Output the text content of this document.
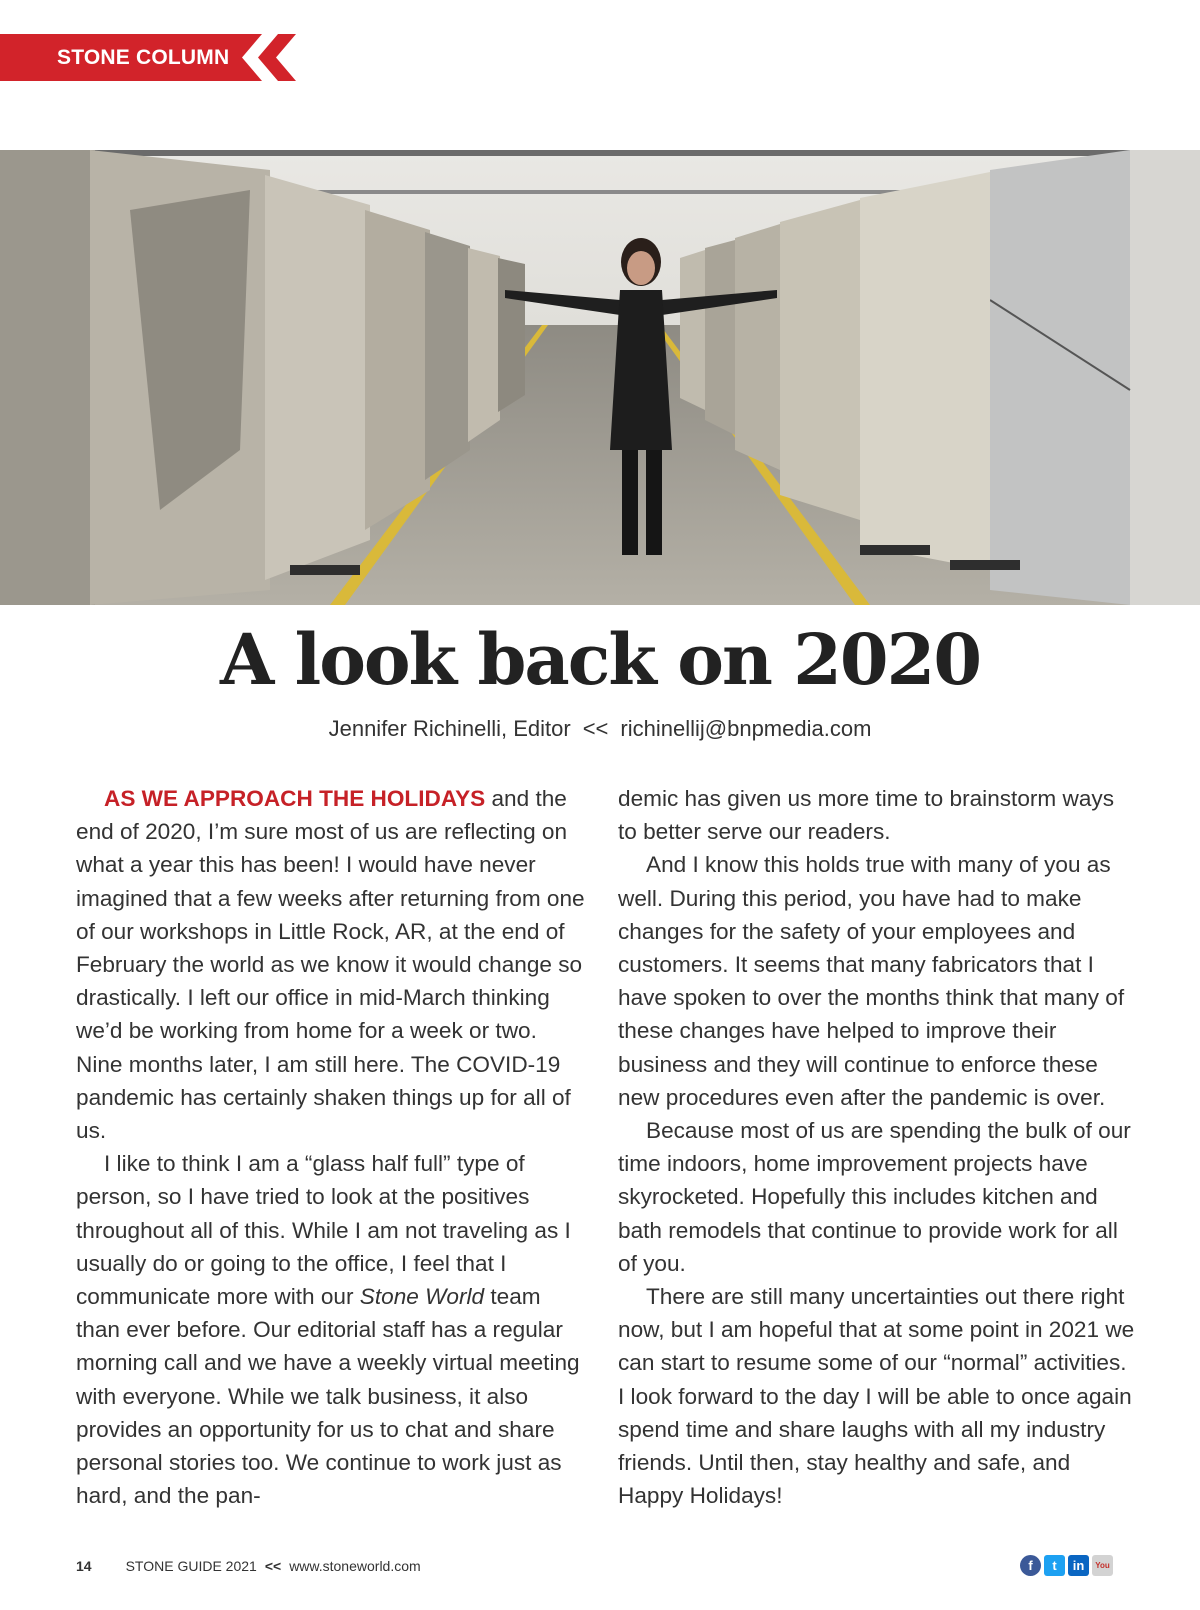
STONE COLUMN
A look back on 2020
Jennifer Richinelli, Editor << richinellij@bnpmedia.com

AS WE APPROACH THE HOLIDAYS and the end of 2020, I’m sure most of us are reflecting on what a year this has been! I would have never imagined that a few weeks after returning from one of our workshops in Little Rock, AR, at the end of February the world as we know it would change so drastically. I left our office in mid-March thinking we’d be working from home for a week or two. Nine months later, I am still here. The COVID-19 pandemic has certainly shaken things up for all of us.

I like to think I am a “glass half full” type of person, so I have tried to look at the positives throughout all of this. While I am not traveling as I usually do or going to the office, I feel that I communicate more with our Stone World team than ever before. Our editorial staff has a regular morning call and we have a weekly virtual meeting with everyone. While we talk business, it also provides an opportunity for us to chat and share personal stories too. We continue to work just as hard, and the pan-

demic has given us more time to brainstorm ways to better serve our readers.

And I know this holds true with many of you as well. During this period, you have had to make changes for the safety of your employees and customers. It seems that many fabricators that I have spoken to over the months think that many of these changes have helped to improve their business and they will continue to enforce these new procedures even after the pandemic is over.

Because most of us are spending the bulk of our time indoors, home improvement projects have skyrocketed. Hopefully this includes kitchen and bath remodels that continue to provide work for all of you.

There are still many uncertainties out there right now, but I am hopeful that at some point in 2021 we can start to resume some of our “normal” activities. I look forward to the day I will be able to once again spend time and share laughs with all my industry friends. Until then, stay healthy and safe, and Happy Holidays!

14 STONE GUIDE 2021 << www.stoneworld.com	f	t	in	You
